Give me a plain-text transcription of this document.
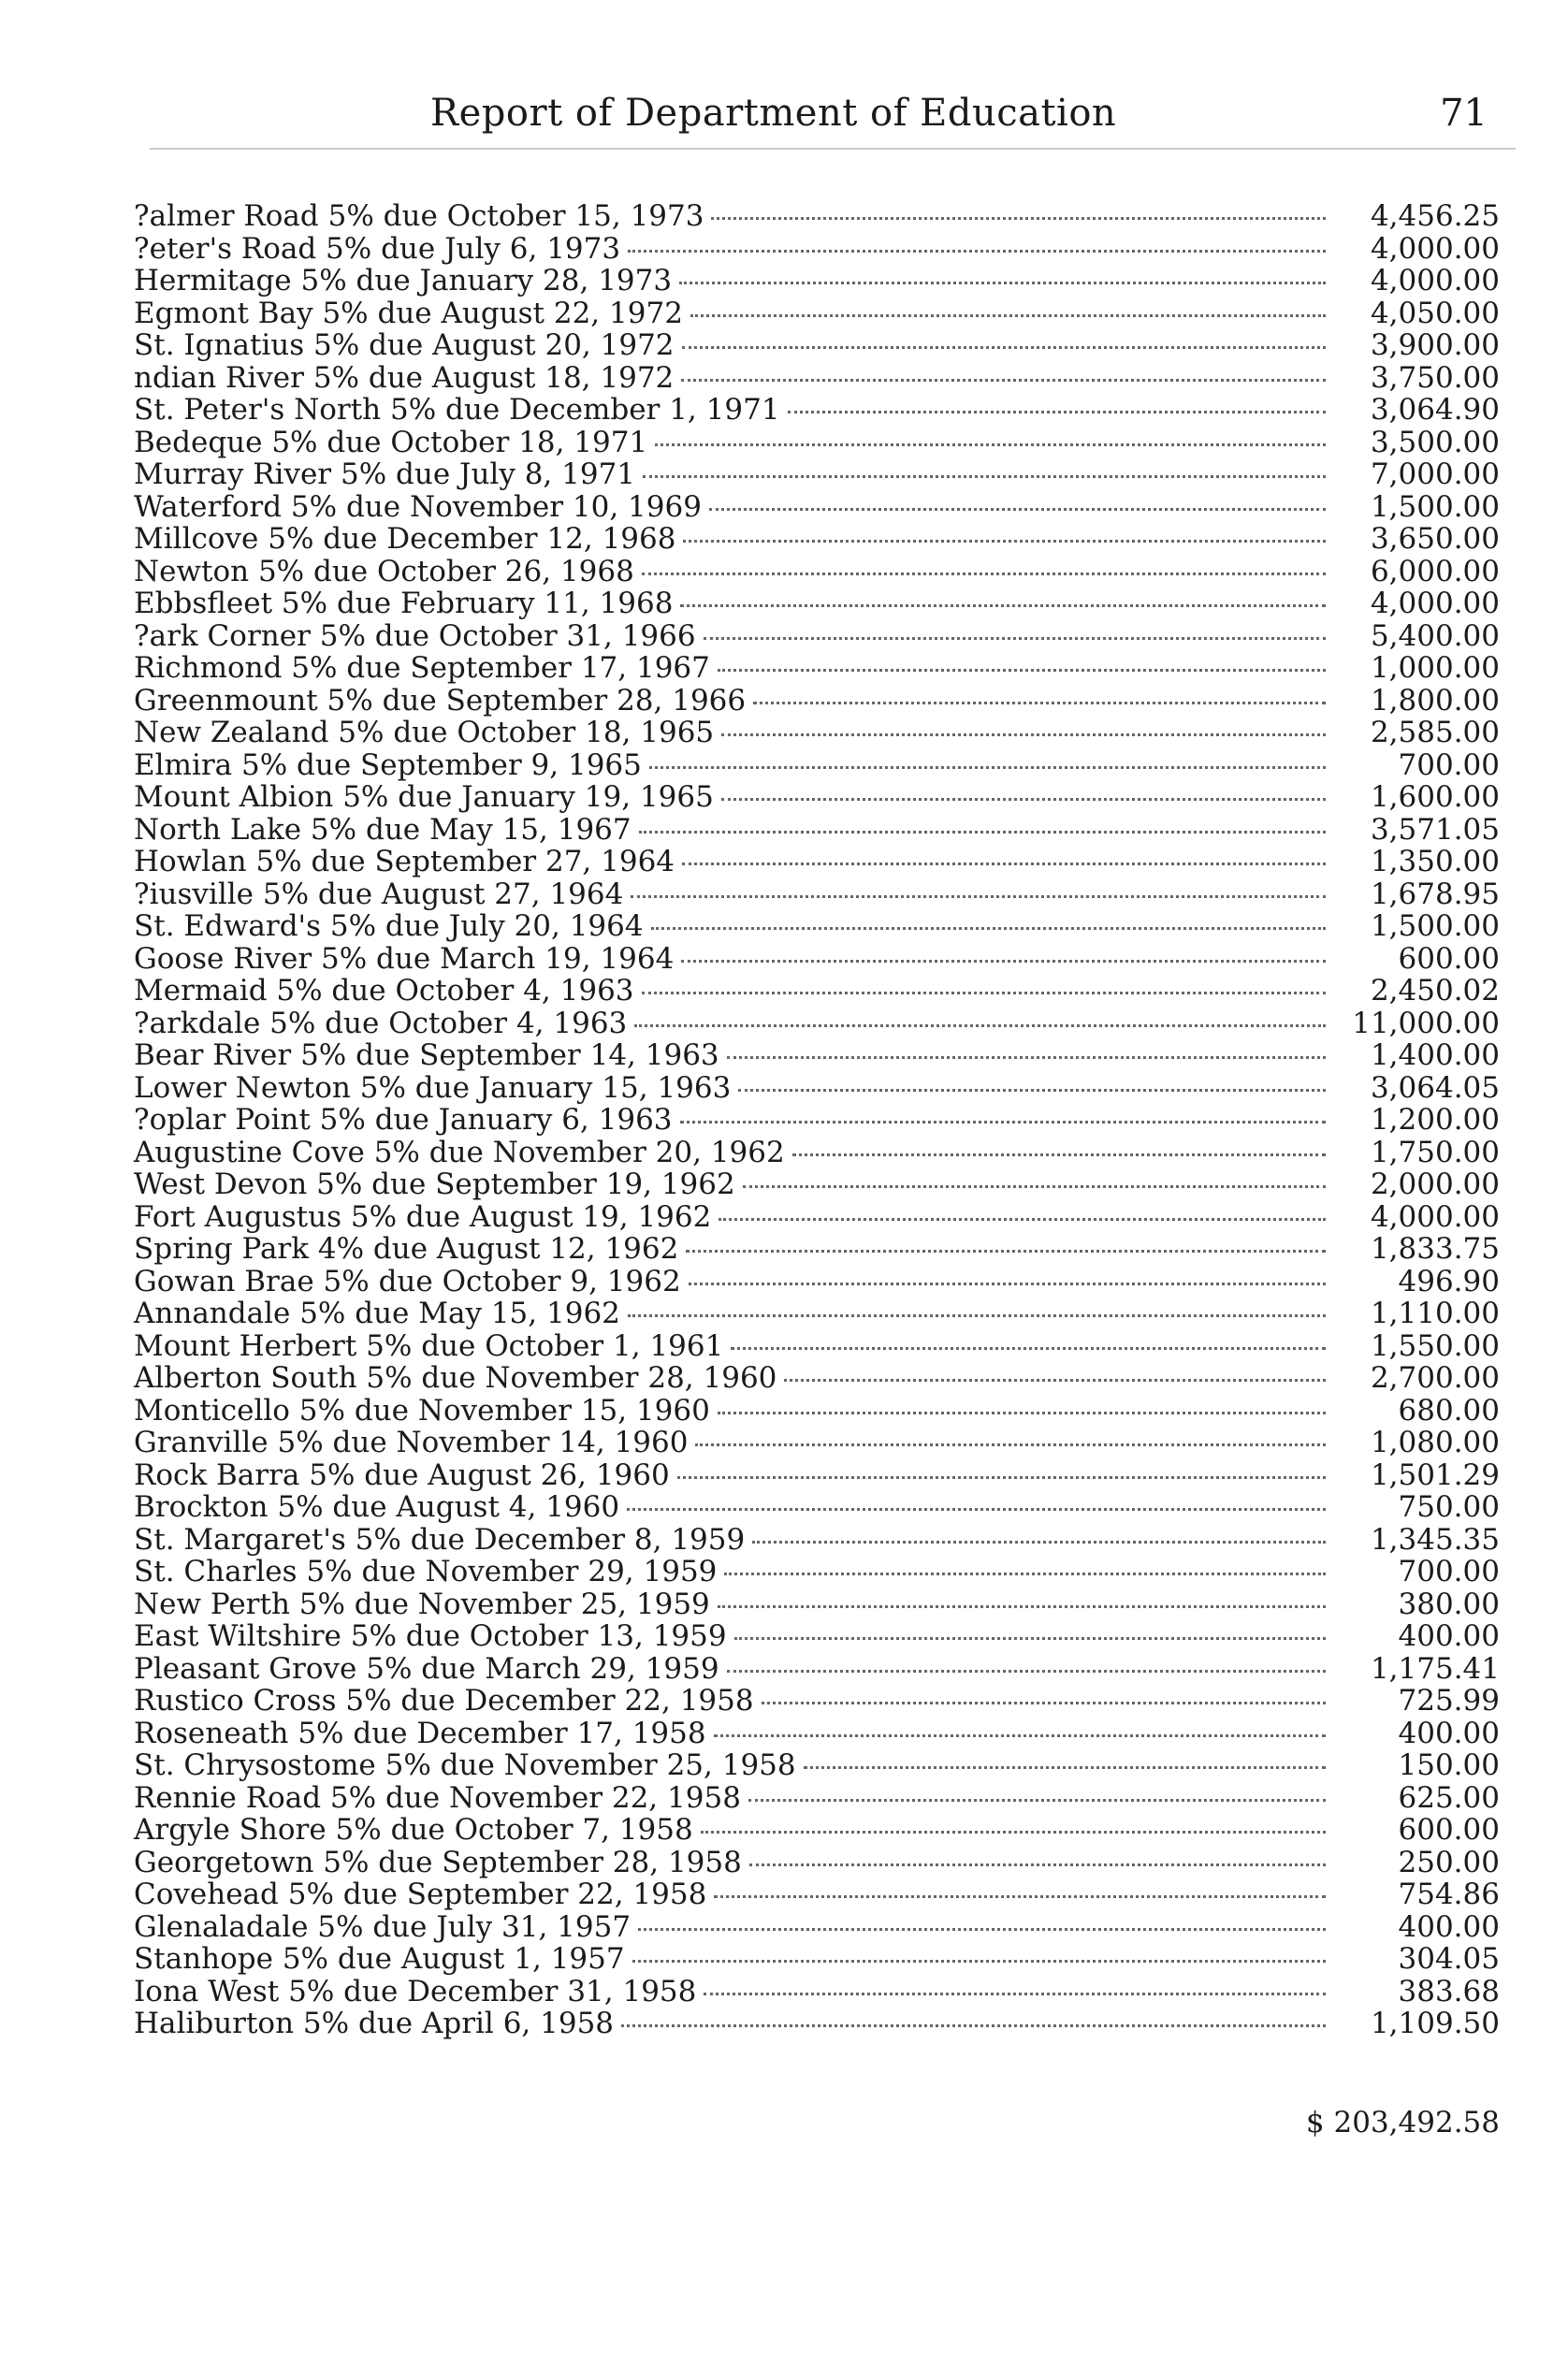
Report of Department of Education	71
?almer Road 5% due October 15, 1973	4,456.25
?eter's Road 5% due July 6, 1973	4,000.00
Hermitage 5% due January 28, 1973	4,000.00
Egmont Bay 5% due August 22, 1972	4,050.00
St. Ignatius 5% due August 20, 1972	3,900.00
ndian River 5% due August 18, 1972	3,750.00
St. Peter's North 5% due December 1, 1971	3,064.90
Bedeque 5% due October 18, 1971	3,500.00
Murray River 5% due July 8, 1971	7,000.00
Waterford 5% due November 10, 1969	1,500.00
Millcove 5% due December 12, 1968	3,650.00
Newton 5% due October 26, 1968	6,000.00
Ebbsfleet 5% due February 11, 1968	4,000.00
?ark Corner 5% due October 31, 1966	5,400.00
Richmond 5% due September 17, 1967	1,000.00
Greenmount 5% due September 28, 1966	1,800.00
New Zealand 5% due October 18, 1965	2,585.00
Elmira 5% due September 9, 1965	700.00
Mount Albion 5% due January 19, 1965	1,600.00
North Lake 5% due May 15, 1967	3,571.05
Howlan 5% due September 27, 1964	1,350.00
?iusville 5% due August 27, 1964	1,678.95
St. Edward's 5% due July 20, 1964	1,500.00
Goose River 5% due March 19, 1964	600.00
Mermaid 5% due October 4, 1963	2,450.02
?arkdale 5% due October 4, 1963	11,000.00
Bear River 5% due September 14, 1963	1,400.00
Lower Newton 5% due January 15, 1963	3,064.05
?oplar Point 5% due January 6, 1963	1,200.00
Augustine Cove 5% due November 20, 1962	1,750.00
West Devon 5% due September 19, 1962	2,000.00
Fort Augustus 5% due August 19, 1962	4,000.00
Spring Park 4% due August 12, 1962	1,833.75
Gowan Brae 5% due October 9, 1962	496.90
Annandale 5% due May 15, 1962	1,110.00
Mount Herbert 5% due October 1, 1961	1,550.00
Alberton South 5% due November 28, 1960	2,700.00
Monticello 5% due November 15, 1960	680.00
Granville 5% due November 14, 1960	1,080.00
Rock Barra 5% due August 26, 1960	1,501.29
Brockton 5% due August 4, 1960	750.00
St. Margaret's 5% due December 8, 1959	1,345.35
St. Charles 5% due November 29, 1959	700.00
New Perth 5% due November 25, 1959	380.00
East Wiltshire 5% due October 13, 1959	400.00
Pleasant Grove 5% due March 29, 1959	1,175.41
Rustico Cross 5% due December 22, 1958	725.99
Roseneath 5% due December 17, 1958	400.00
St. Chrysostome 5% due November 25, 1958	150.00
Rennie Road 5% due November 22, 1958	625.00
Argyle Shore 5% due October 7, 1958	600.00
Georgetown 5% due September 28, 1958	250.00
Covehead 5% due September 22, 1958	754.86
Glenaladale 5% due July 31, 1957	400.00
Stanhope 5% due August 1, 1957	304.05
Iona West 5% due December 31, 1958	383.68
Haliburton 5% due April 6, 1958	1,109.50
$ 203,492.58
